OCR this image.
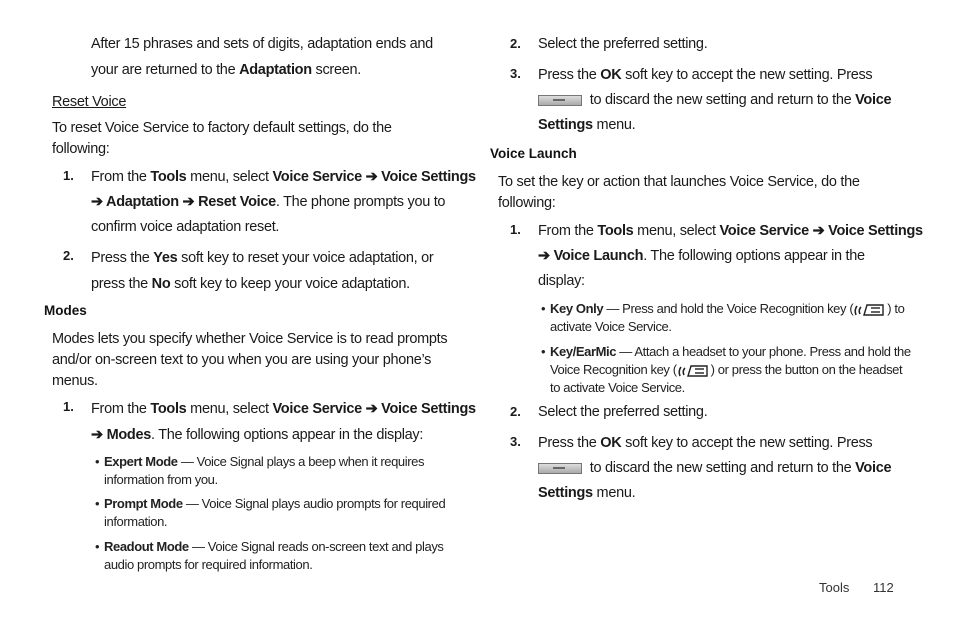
After 15 phrases and sets of digits, adaptation ends and
your are returned to the Adaptation screen.
Reset Voice
To reset Voice Service to factory default settings, do the
following:
1. From the Tools menu, select Voice Service ➔ Voice Settings
➔ Adaptation ➔ Reset Voice. The phone prompts you to
confirm voice adaptation reset.
2. Press the Yes soft key to reset your voice adaptation, or
press the No soft key to keep your voice adaptation.
Modes
Modes lets you specify whether Voice Service is to read prompts
and/or on-screen text to you when you are using your phone’s
menus.
1. From the Tools menu, select Voice Service ➔ Voice Settings
➔ Modes. The following options appear in the display:
Expert Mode — Voice Signal plays a beep when it requires
information from you.
•
Prompt Mode — Voice Signal plays audio prompts for required
information.
•
Readout Mode — Voice Signal reads on-screen text and plays
audio prompts for required information.
•
2. Select the preferred setting.
3. Press the OK soft key to accept the new setting. Press
to discard the new setting and return to the Voice
Settings menu.
Voice Launch
To set the key or action that launches Voice Service, do the
following:
1. From the Tools menu, select Voice Service ➔ Voice Settings
➔ Voice Launch. The following options appear in the
display:
• Key Only — Press and hold the Voice Recognition key (	) to
activate Voice Service.
• Key/EarMic — Attach a headset to your phone. Press and hold the
Voice Recognition key (	) or press the button on the headset
to activate Voice Service.
2. Select the preferred setting.
3. Press the OK soft key to accept the new setting. Press
to discard the new setting and return to the Voice
Settings menu.
Tools 112
